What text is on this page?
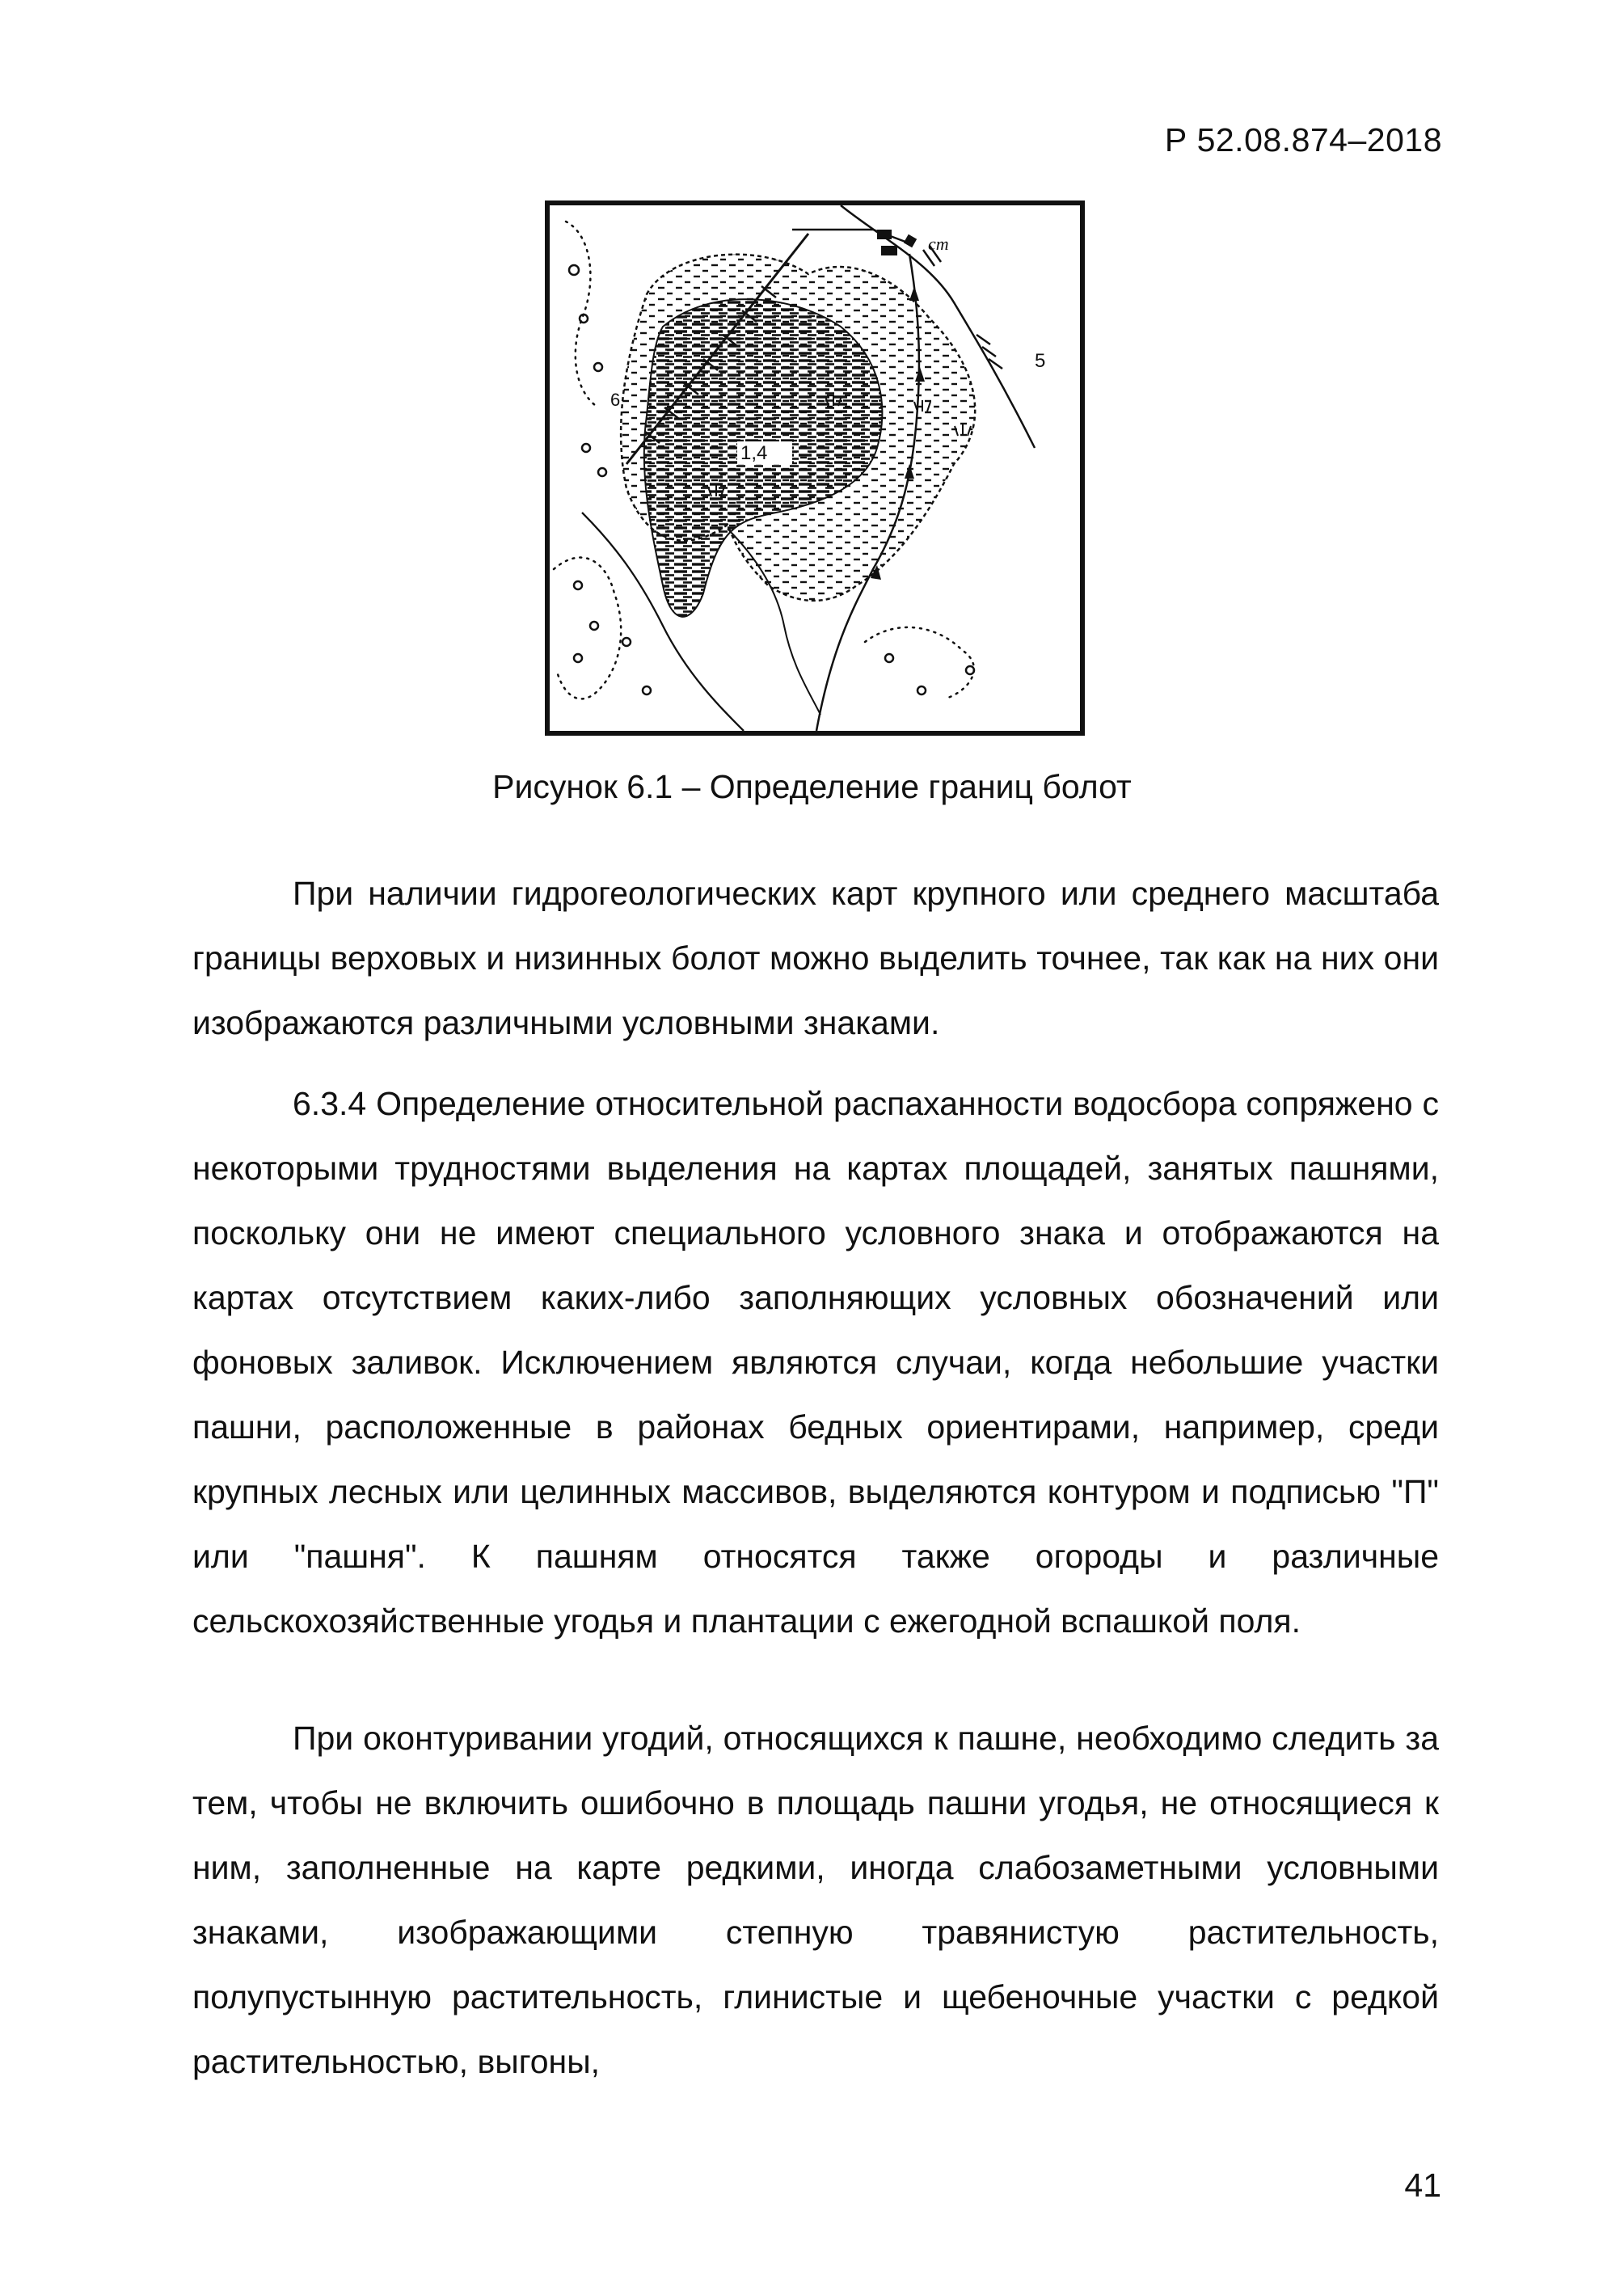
Р 52.08.874–2018
ст
5
6
1,4
Рисунок 6.1 – Определение границ болот

При наличии гидрогеологических карт крупного или среднего масштаба границы верховых и низинных болот можно выделить точнее, так как на них они изображаются различными условными знаками.

6.3.4 Определение относительной распаханности водосбора сопряжено с некоторыми трудностями выделения на картах площадей, занятых пашнями, поскольку они не имеют специального условного знака и отображаются на картах отсутствием каких-либо заполняющих условных обозначений или фоновых заливок. Исключением являются случаи, когда небольшие участки пашни, расположенные в районах бедных ориентирами, например, среди крупных лесных или целинных массивов, выделяются контуром и подписью "П" или "пашня". К пашням относятся также огороды и различные сельскохозяйственные угодья и плантации с ежегодной вспашкой поля.

При оконтуривании угодий, относящихся к пашне, необходимо следить за тем, чтобы не включить ошибочно в площадь пашни угодья, не относящиеся к ним, заполненные на карте редкими, иногда слабозаметными условными знаками, изображающими степную травянистую растительность, полупустынную растительность, глинистые и щебеночные участки с редкой растительностью, выгоны,

41
